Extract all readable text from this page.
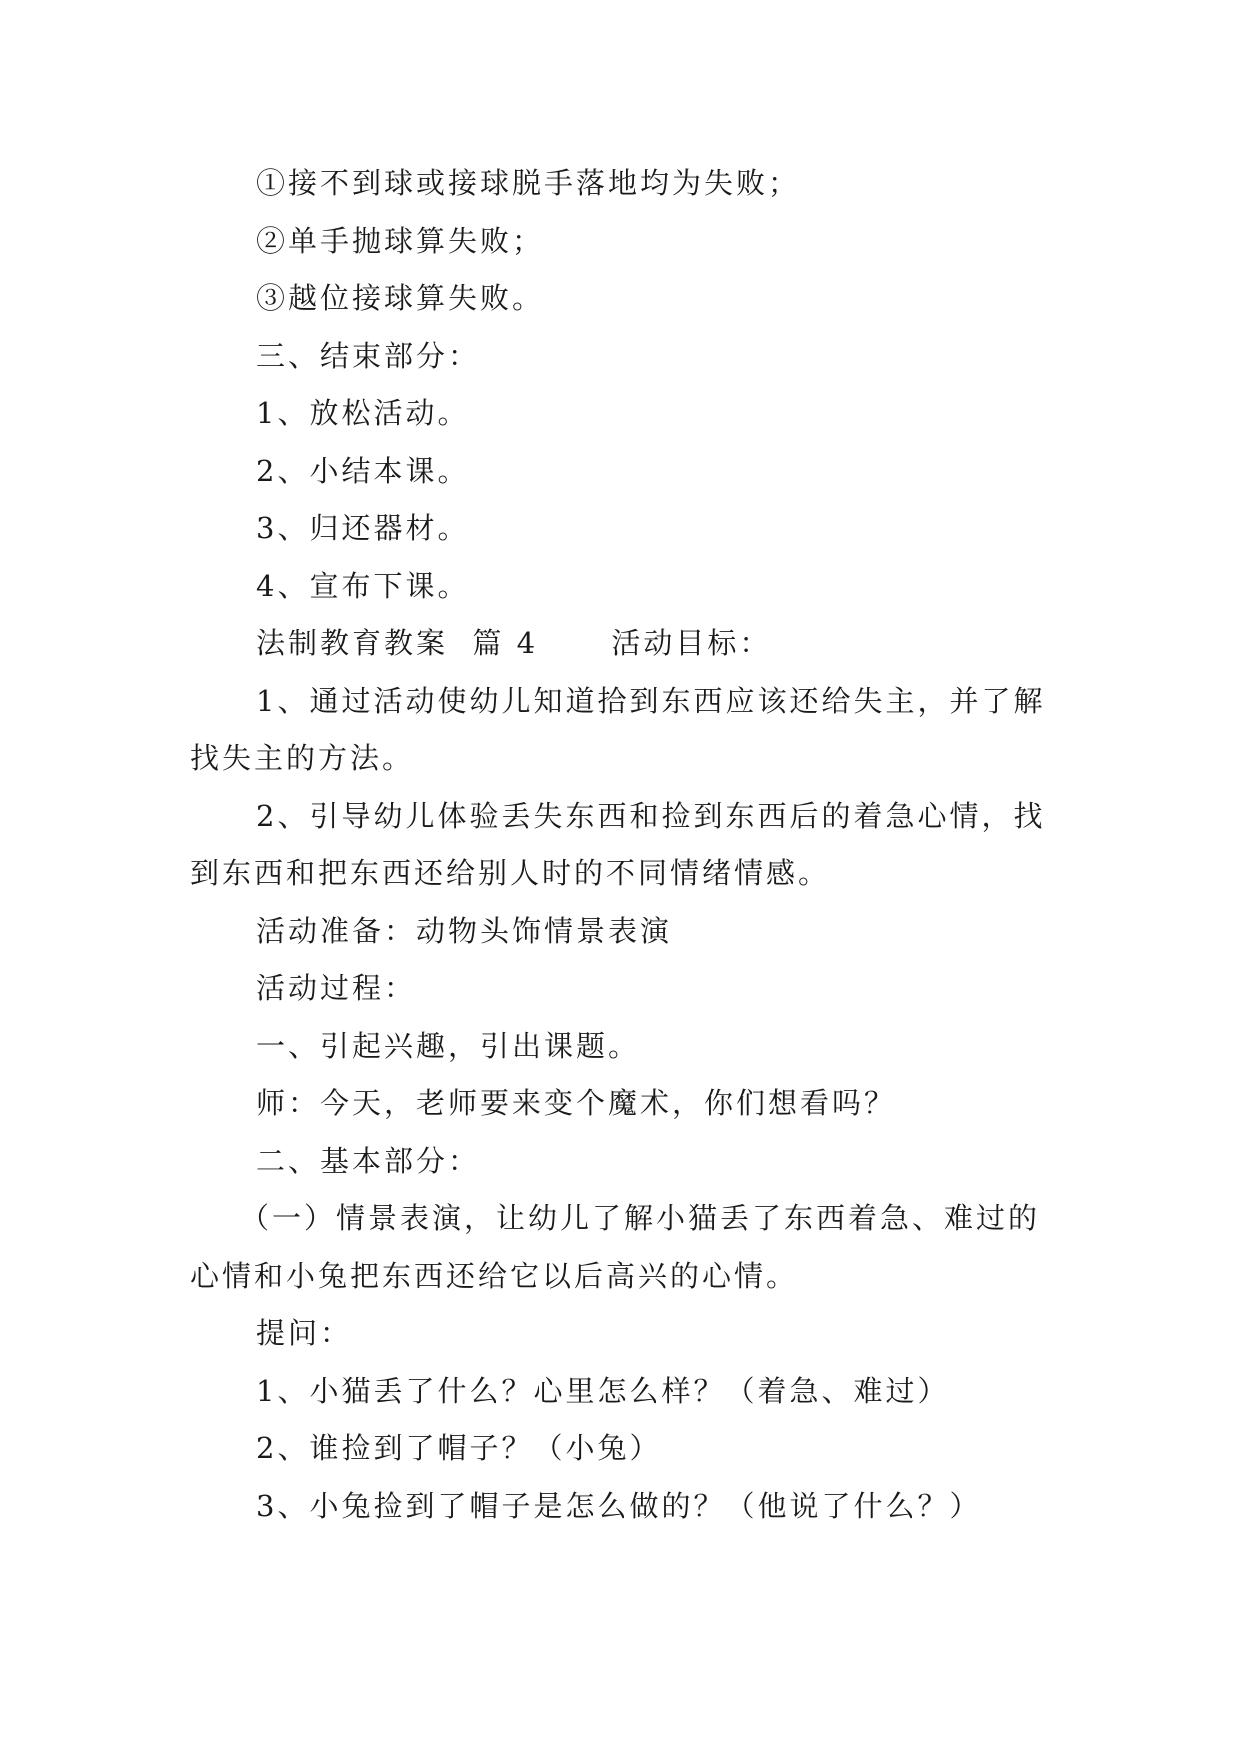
①接不到球或接球脱手落地均为失败；

②单手抛球算失败；

③越位接球算失败。

三、结束部分：

1、放松活动。

2、小结本课。

3、归还器材。

4、宣布下课。

法制教育教案  篇 4      活动目标：

1、通过活动使幼儿知道拾到东西应该还给失主，并了解找失主的方法。

2、引导幼儿体验丢失东西和捡到东西后的着急心情，找到东西和把东西还给别人时的不同情绪情感。

活动准备：动物头饰情景表演

活动过程：

一、引起兴趣，引出课题。

师：今天，老师要来变个魔术，你们想看吗？

二、基本部分：

（一）情景表演，让幼儿了解小猫丢了东西着急、难过的心情和小兔把东西还给它以后高兴的心情。

提问：

1、小猫丢了什么？心里怎么样？（着急、难过）

2、谁捡到了帽子？（小兔）

3、小兔捡到了帽子是怎么做的？（他说了什么？）
